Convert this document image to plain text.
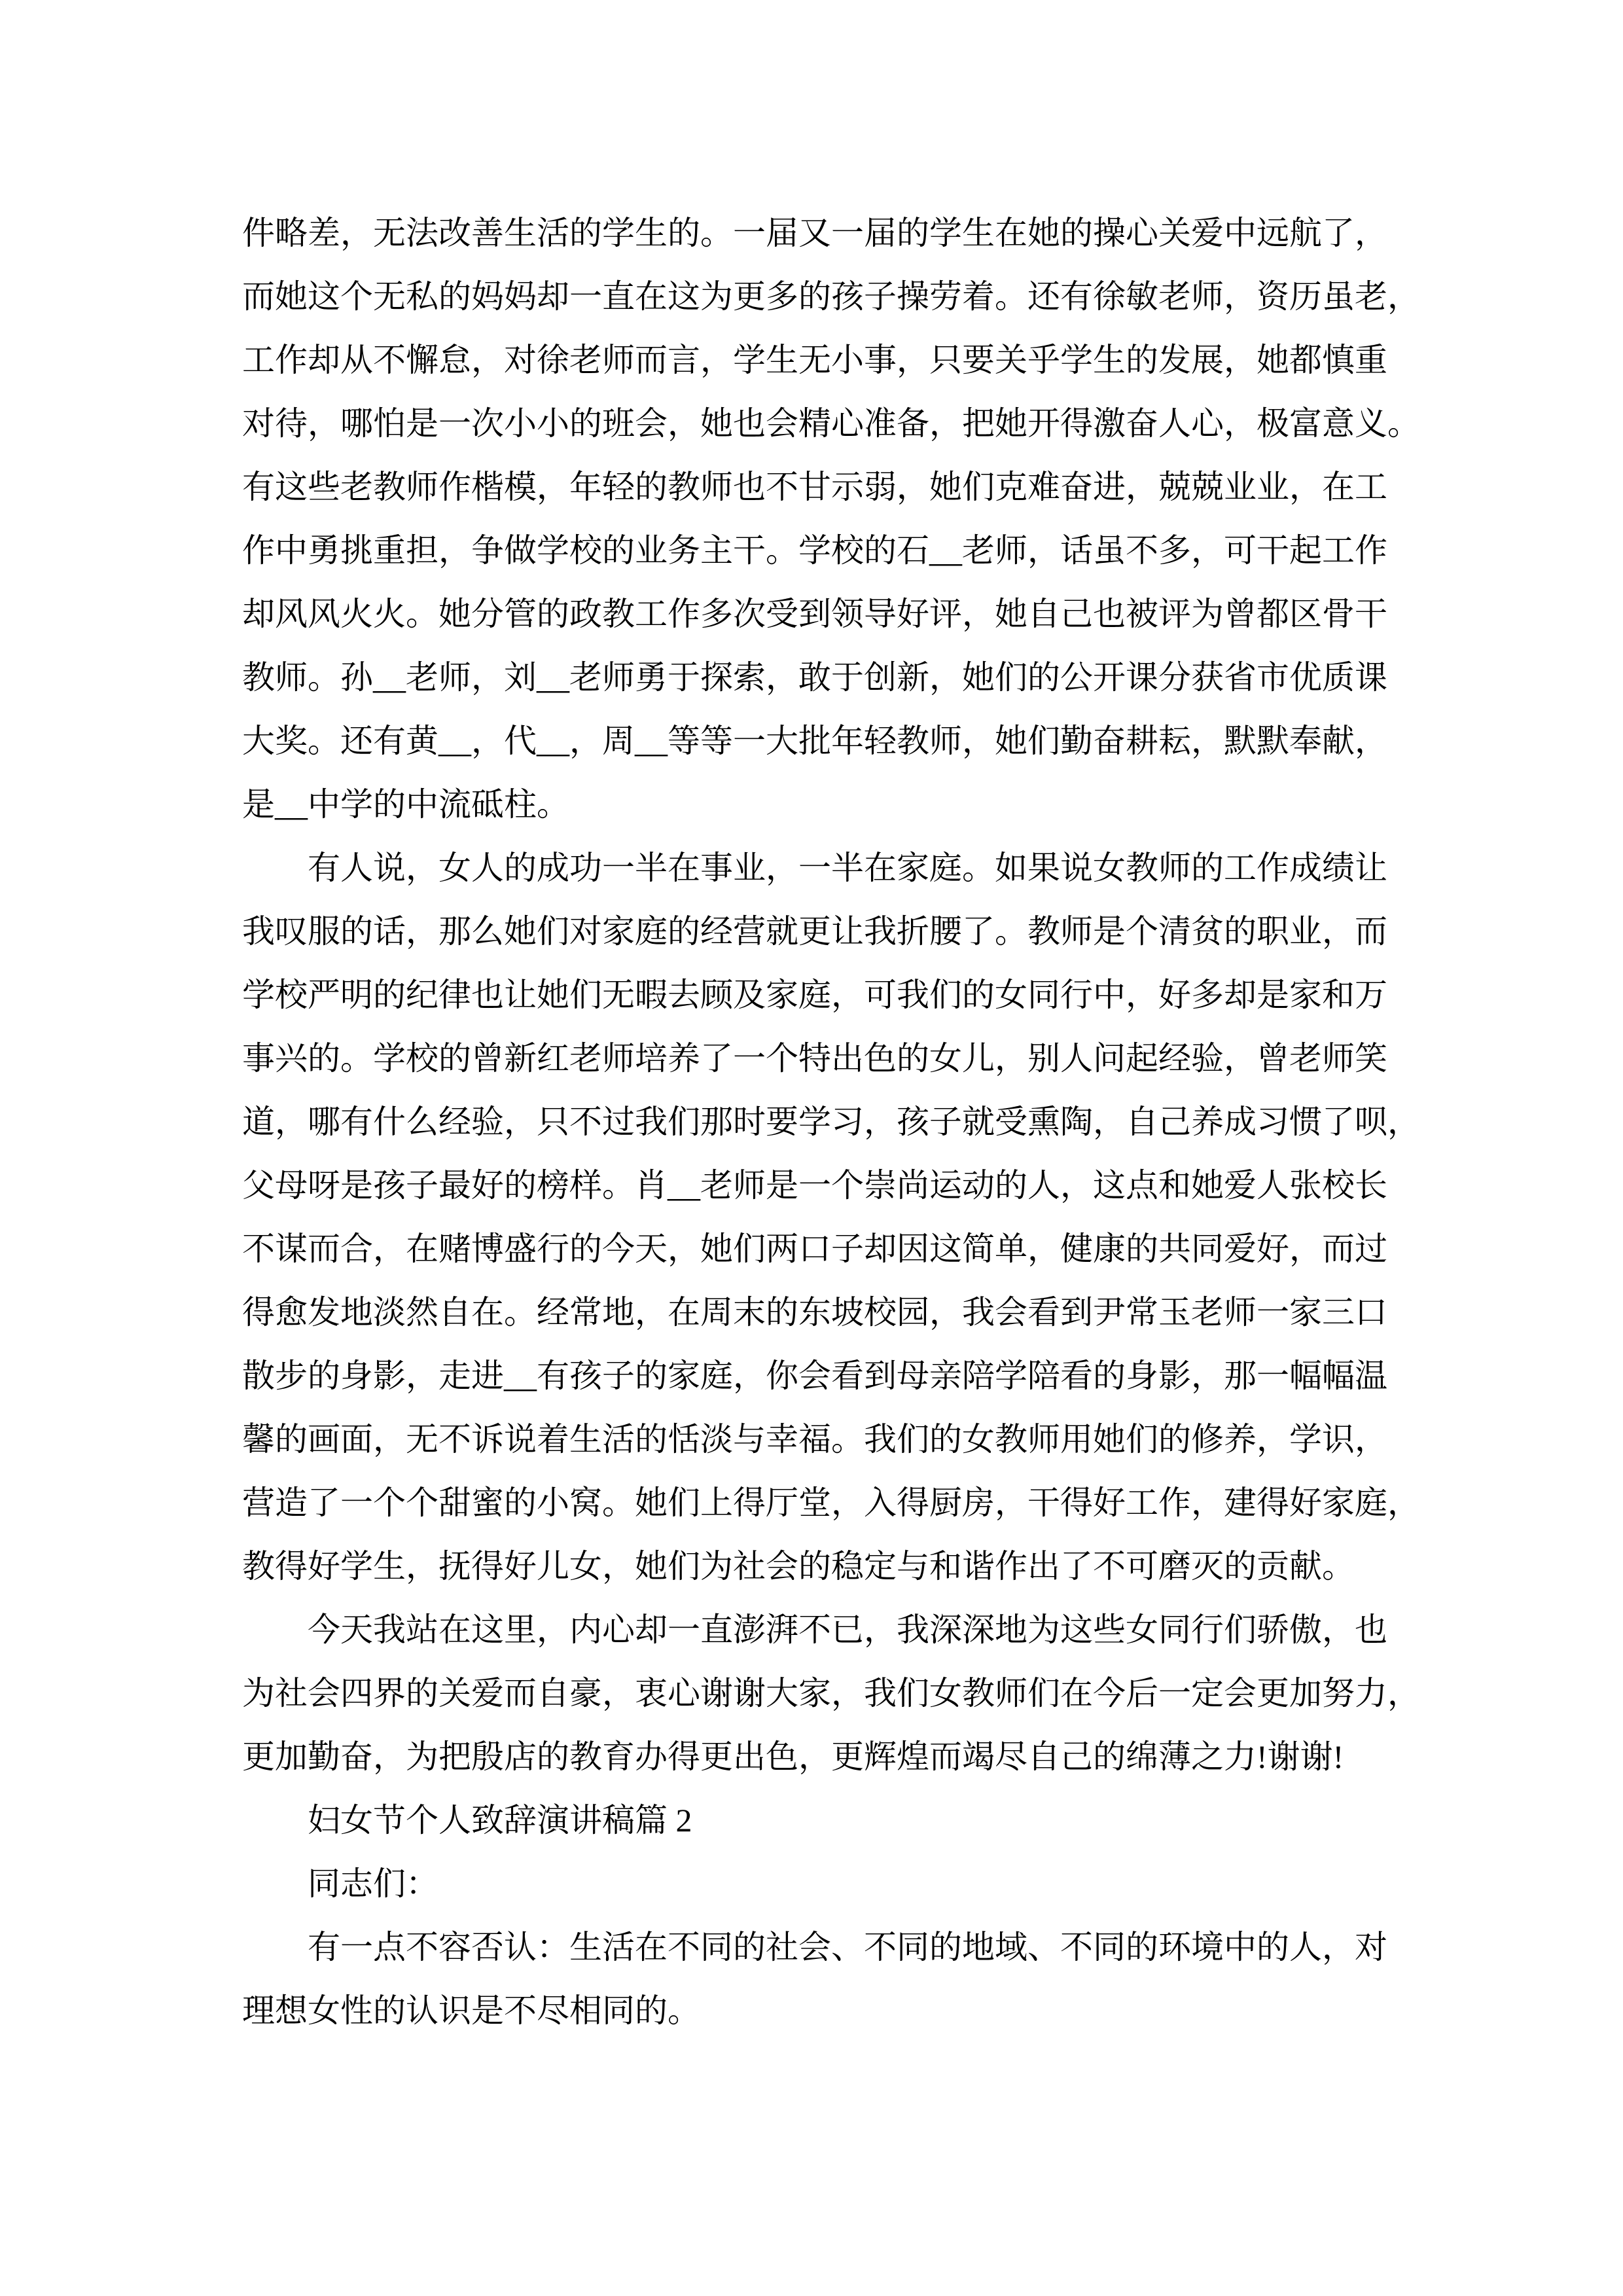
件略差，无法改善生活的学生的。一届又一届的学生在她的操心关爱中远航了，
而她这个无私的妈妈却一直在这为更多的孩子操劳着。还有徐敏老师，资历虽老，
工作却从不懈怠，对徐老师而言，学生无小事，只要关乎学生的发展，她都慎重
对待，哪怕是一次小小的班会，她也会精心准备，把她开得激奋人心，极富意义。
有这些老教师作楷模，年轻的教师也不甘示弱，她们克难奋进，兢兢业业，在工
作中勇挑重担，争做学校的业务主干。学校的石__老师，话虽不多，可干起工作
却风风火火。她分管的政教工作多次受到领导好评，她自己也被评为曾都区骨干
教师。孙__老师，刘__老师勇于探索，敢于创新，她们的公开课分获省市优质课
大奖。还有黄__，代__，周__等等一大批年轻教师，她们勤奋耕耘，默默奉献，
是__中学的中流砥柱。
有人说，女人的成功一半在事业，一半在家庭。如果说女教师的工作成绩让
我叹服的话，那么她们对家庭的经营就更让我折腰了。教师是个清贫的职业，而
学校严明的纪律也让她们无暇去顾及家庭，可我们的女同行中，好多却是家和万
事兴的。学校的曾新红老师培养了一个特出色的女儿，别人问起经验，曾老师笑
道，哪有什么经验，只不过我们那时要学习，孩子就受熏陶，自己养成习惯了呗，
父母呀是孩子最好的榜样。肖__老师是一个崇尚运动的人，这点和她爱人张校长
不谋而合，在赌博盛行的今天，她们两口子却因这简单，健康的共同爱好，而过
得愈发地淡然自在。经常地，在周末的东坡校园，我会看到尹常玉老师一家三口
散步的身影，走进__有孩子的家庭，你会看到母亲陪学陪看的身影，那一幅幅温
馨的画面，无不诉说着生活的恬淡与幸福。我们的女教师用她们的修养，学识，
营造了一个个甜蜜的小窝。她们上得厅堂，入得厨房，干得好工作，建得好家庭，
教得好学生，抚得好儿女，她们为社会的稳定与和谐作出了不可磨灭的贡献。
今天我站在这里，内心却一直澎湃不已，我深深地为这些女同行们骄傲，也
为社会四界的关爱而自豪，衷心谢谢大家，我们女教师们在今后一定会更加努力，
更加勤奋，为把殷店的教育办得更出色，更辉煌而竭尽自己的绵薄之力!谢谢!
妇女节个人致辞演讲稿篇 2
同志们：
有一点不容否认：生活在不同的社会、不同的地域、不同的环境中的人，对
理想女性的认识是不尽相同的。
